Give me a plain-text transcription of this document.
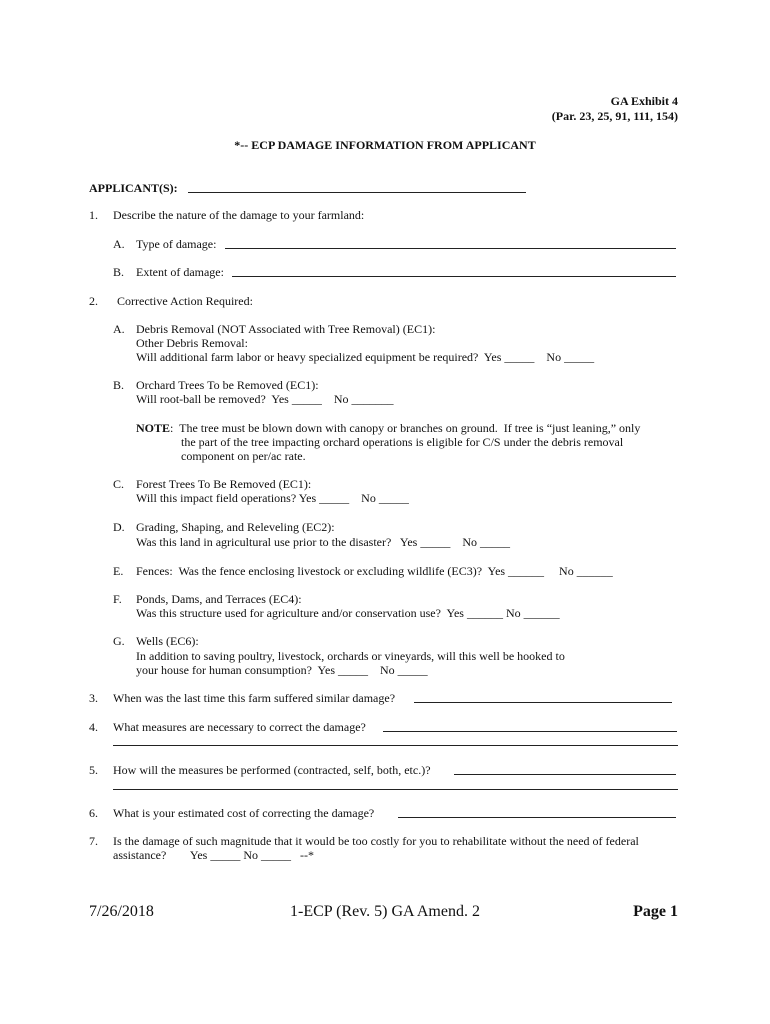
GA Exhibit 4
(Par. 23, 25, 91, 111, 154)
*-- ECP DAMAGE INFORMATION FROM APPLICANT
APPLICANT(S):
1. Describe the nature of the damage to your farmland:
A. Type of damage:
B. Extent of damage:
2. Corrective Action Required:
A. Debris Removal (NOT Associated with Tree Removal) (EC1):
Other Debris Removal:
Will additional farm labor or heavy specialized equipment be required?  Yes _____    No _____
B. Orchard Trees To be Removed (EC1):
Will root-ball be removed?  Yes _____    No _______
NOTE:  The tree must be blown down with canopy or branches on ground.  If tree is “just leaning,” only
the part of the tree impacting orchard operations is eligible for C/S under the debris removal
component on per/ac rate.
C. Forest Trees To Be Removed (EC1):
Will this impact field operations? Yes _____    No _____
D. Grading, Shaping, and Releveling (EC2):
Was this land in agricultural use prior to the disaster?   Yes _____    No _____
E. Fences:  Was the fence enclosing livestock or excluding wildlife (EC3)?  Yes ______     No ______
F. Ponds, Dams, and Terraces (EC4):
Was this structure used for agriculture and/or conservation use?  Yes ______ No ______
G. Wells (EC6):
In addition to saving poultry, livestock, orchards or vineyards, will this well be hooked to
your house for human consumption?  Yes _____    No _____
3. When was the last time this farm suffered similar damage?
4. What measures are necessary to correct the damage?
5. How will the measures be performed (contracted, self, both, etc.)?
6. What is your estimated cost of correcting the damage?
7. Is the damage of such magnitude that it would be too costly for you to rehabilitate without the need of federal
assistance?        Yes _____ No _____   --*
7/26/2018	1-ECP (Rev. 5) GA Amend. 2	Page 1
